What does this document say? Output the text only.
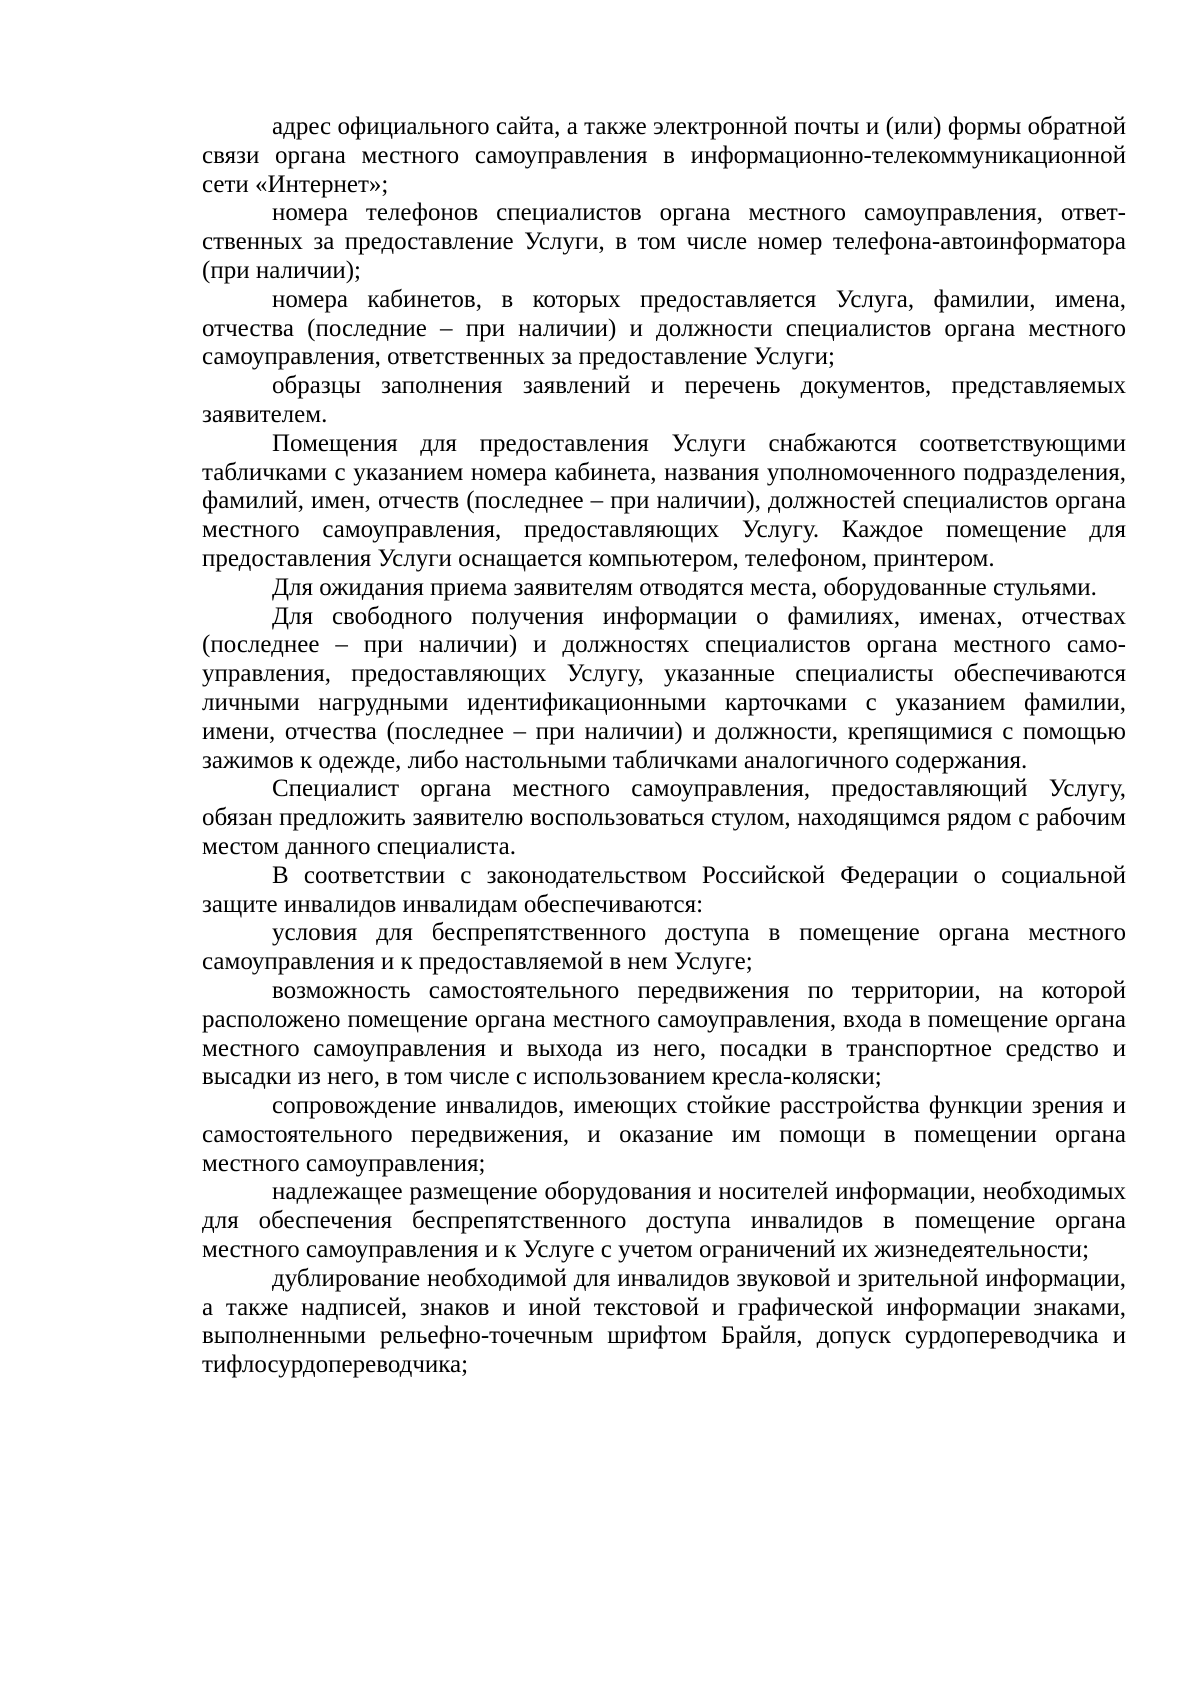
адрес официального сайта, а также электронной почты и (или) формы обратной связи органа местного самоуправления в информационно-телекоммуникационной сети «Интернет»;

номера телефонов специалистов органа местного самоуправления, ответственных за предоставление Услуги, в том числе номер телефона-автоинформатора (при наличии);

номера кабинетов, в которых предоставляется Услуга, фамилии, имена, отчества (последние – при наличии) и должности специалистов органа местного самоуправления, ответственных за предоставление Услуги;

образцы заполнения заявлений и перечень документов, представляемых заявителем.

Помещения для предоставления Услуги снабжаются соответствующими табличками с указанием номера кабинета, названия уполномоченного подразделения, фамилий, имен, отчеств (последнее – при наличии), должностей специалистов органа местного самоуправления, предоставляющих Услугу. Каждое помещение для предоставления Услуги оснащается компьютером, телефоном, принтером.

Для ожидания приема заявителям отводятся места, оборудованные стульями.

Для свободного получения информации о фамилиях, именах, отчествах (последнее – при наличии) и должностях специалистов органа местного самоуправления, предоставляющих Услугу, указанные специалисты обеспечиваются личными нагрудными идентификационными карточками с указанием фамилии, имени, отчества (последнее – при наличии) и должности, крепящимися с помощью зажимов к одежде, либо настольными табличками аналогичного содержания.

Специалист органа местного самоуправления, предоставляющий Услугу, обязан предложить заявителю воспользоваться стулом, находящимся рядом с рабочим местом данного специалиста.

В соответствии с законодательством Российской Федерации о социальной защите инвалидов инвалидам обеспечиваются:

условия для беспрепятственного доступа в помещение органа местного самоуправления и к предоставляемой в нем Услуге;

возможность самостоятельного передвижения по территории, на которой расположено помещение органа местного самоуправления, входа в помещение органа местного самоуправления и выхода из него, посадки в транспортное средство и высадки из него, в том числе с использованием кресла-коляски;

сопровождение инвалидов, имеющих стойкие расстройства функции зрения и самостоятельного передвижения, и оказание им помощи в помещении органа местного самоуправления;

надлежащее размещение оборудования и носителей информации, необходимых для обеспечения беспрепятственного доступа инвалидов в помещение органа местного самоуправления и к Услуге с учетом ограничений их жизнедеятельности;

дублирование необходимой для инвалидов звуковой и зрительной информации, а также надписей, знаков и иной текстовой и графической информации знаками, выполненными рельефно-точечным шрифтом Брайля, допуск сурдопереводчика и тифлосурдопереводчика;
